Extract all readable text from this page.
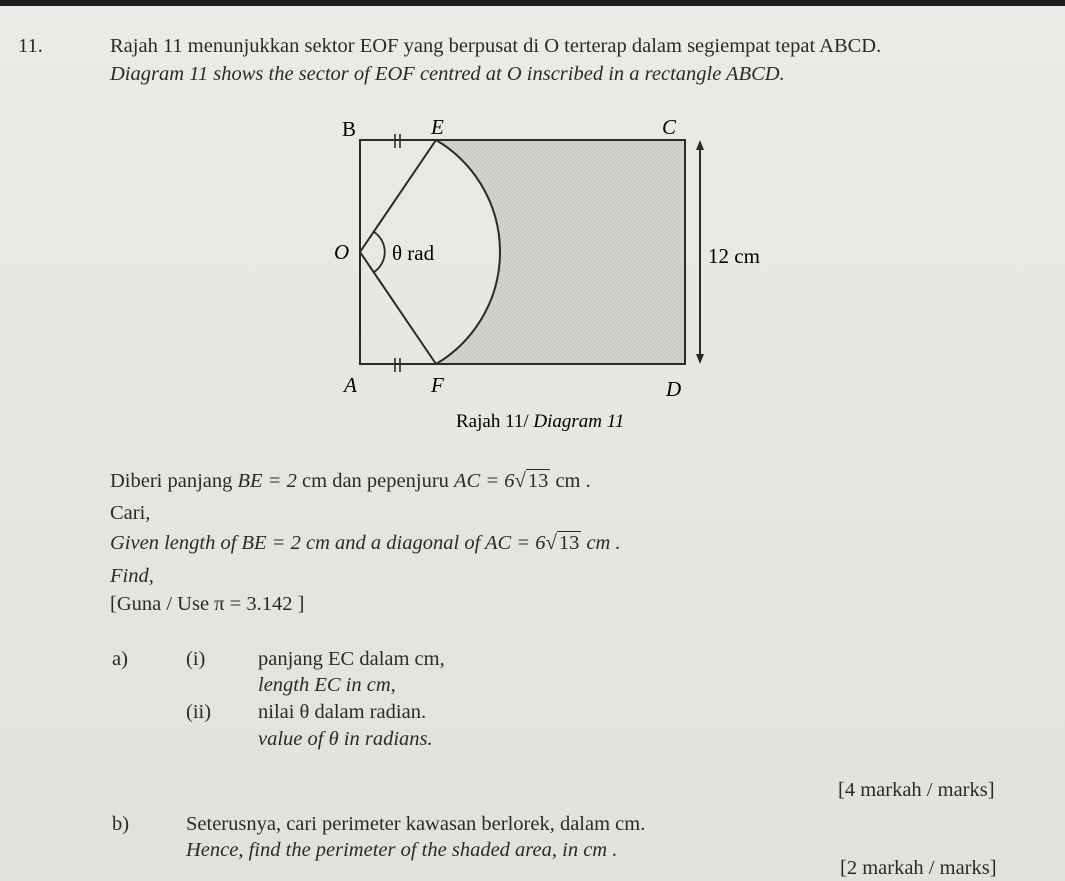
11.	Rajah 11 menunjukkan sektor EOF yang berpusat di O terterap dalam segiempat tepat ABCD.
Diagram 11 shows the sector of EOF centred at O inscribed in a rectangle ABCD.
B	E	C
O θ rad	12 cm
A	F	D
Rajah 11/ Diagram 11
Diberi panjang BE = 2 cm dan pepenjuru AC = 6√13 cm .
Cari,
Given length of BE = 2 cm and a diagonal of AC = 6√13 cm .
Find,
[Guna / Use π = 3.142 ]
a)	(i)	panjang EC dalam cm,
length EC in cm,
(ii) nilai θ dalam radian.
value of θ in radians.
[4 markah / marks]
b)	Seterusnya, cari perimeter kawasan berlorek, dalam cm.
Hence, find the perimeter of the shaded area, in cm .
[2 markah / marks]
